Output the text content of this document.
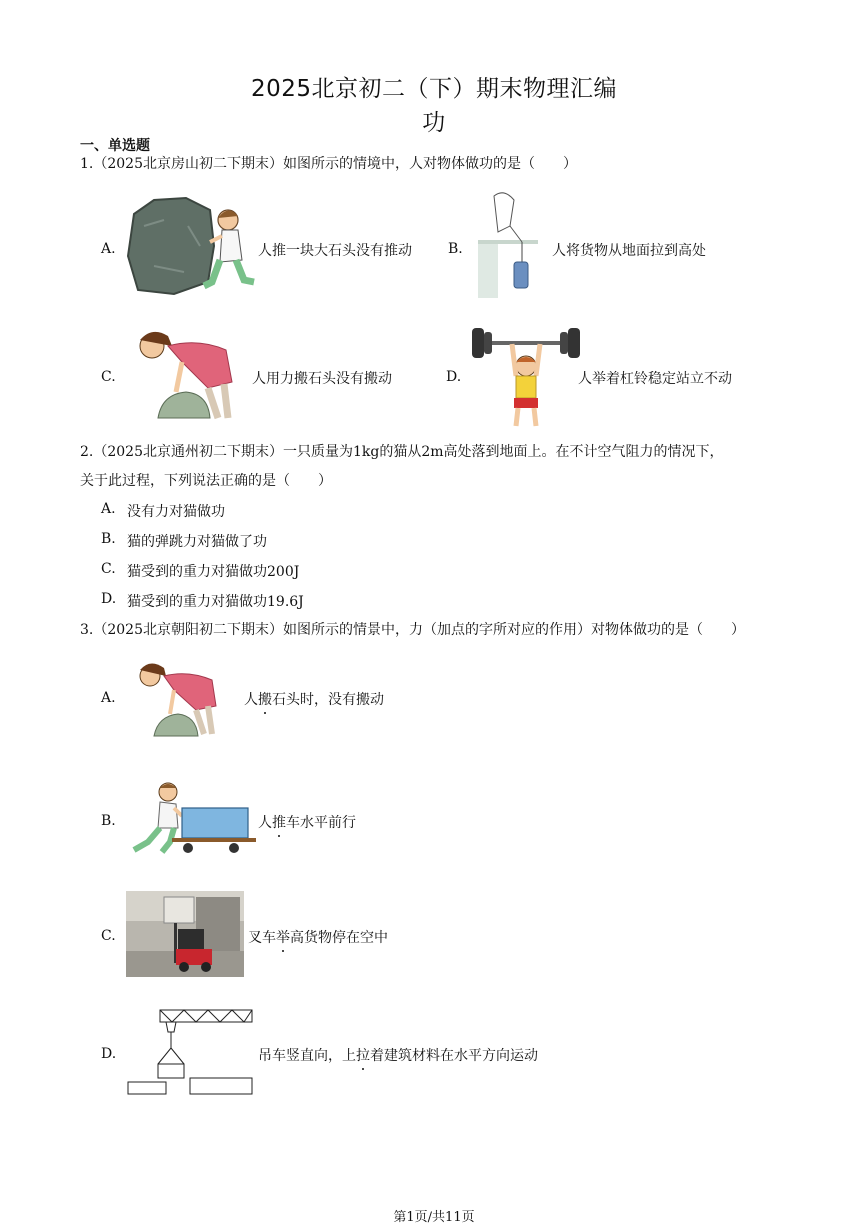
2025北京初二（下）期末物理汇编
功
一、单选题
1.（2025北京房山初二下期末）如图所示的情境中，人对物体做功的是（　　）
A.	人推一块大石头没有推动	B.	人将货物从地面拉到高处
C.	人用力搬石头没有搬动	D.	人举着杠铃稳定站立不动
2.（2025北京通州初二下期末）一只质量为1kg的猫从2m高处落到地面上。在不计空气阻力的情况下，
关于此过程，下列说法正确的是（　　）
A. 没有力对猫做功
B. 猫的弹跳力对猫做了功
C. 猫受到的重力对猫做功200J
D. 猫受到的重力对猫做功19.6J
3.（2025北京朝阳初二下期末）如图所示的情景中，力（加点的字所对应的作用）对物体做功的是（　　）
A.	人搬石头时，没有搬动
B.	人推车水平前行
C.	叉车举高货物停在空中
D.	吊车竖直向，上拉着建筑材料在水平方向运动
第1页/共11页
